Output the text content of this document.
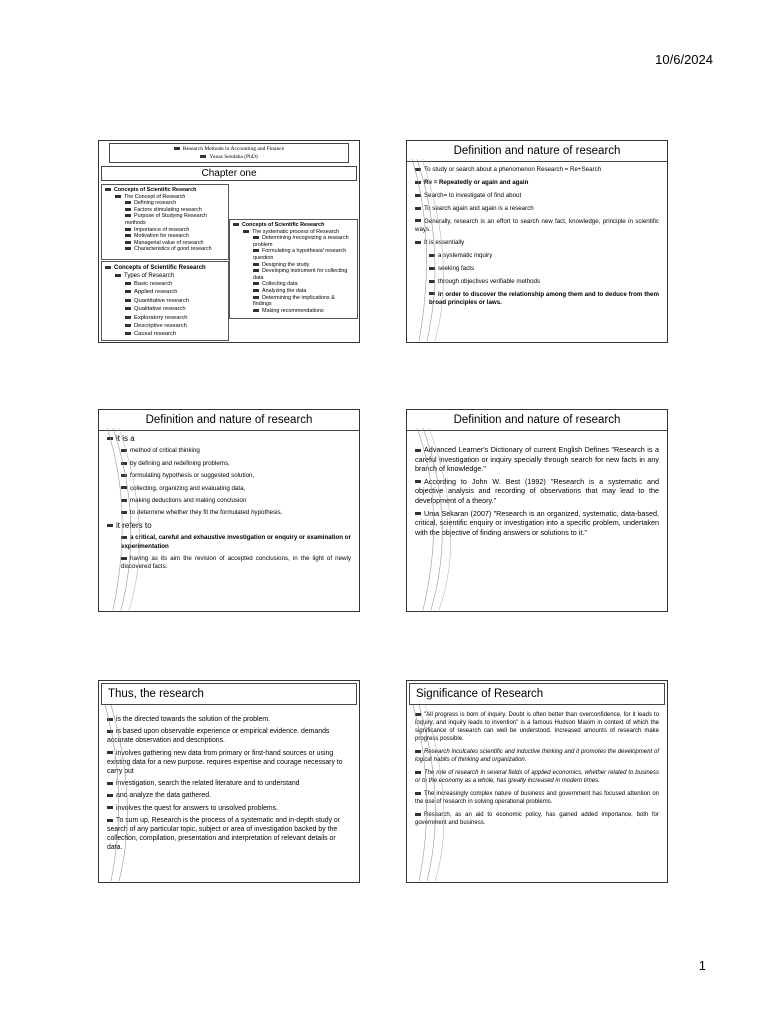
10/6/2024
Research Methods in Accounting and Finance
Yonas Sendaba (PhD)
Chapter one
Concepts of Scientific Research
The Concept of Research
Defining research
Factors stimulating research
Purpose of Studying Research methods
Importance of research
Motivation for research
Managerial value of research
Characteristics of good research
Concepts of Scientific Research
The systematic process of Research
Determining /recognizing a research problem
Formulating a hypothesis/ research question
Designing the study
Developing instrument for collecting data
Collecting data
Analyzing the data
Determining the implications & findings
Making recommendations
Concepts of Scientific Research
Types of Research
Basic research
Applied research
Quantitative research
Qualitative research
Exploratory research
Descriptive research
Causal research
Definition and nature of research
To study or search about a phenomenon Research = Re+Search
Re = Repeatedly or again and again
Search= to investigate of find about
To search again and again is a research
Generally, research is an effort to search new fact, knowledge, principle in scientific ways.
It is essentially
a systematic inquiry
seeking facts
through objectives verifiable methods
in order to discover the relationship among them and to deduce from them broad principles or laws.
Definition and nature of research
it is a
method of critical thinking
by defining and redefining problems,
formulating hypothesis or suggested solution,
collecting, organizing and evaluating data,
making deductions and making conclusion
to determine whether they fit the formulated hypothesis.
it refers to
a critical, careful and exhaustive investigation or enquiry or examination or experimentation
having as its aim the revision of accepted conclusions, in the light of newly discovered facts.
Definition and nature of research
Advanced Learner's Dictionary of current English Defines "Research is a careful investigation or inquiry specially through search for new facts in any branch of knowledge."
According to John W. Best (1992) "Research is a systematic and objective analysis and recording of observations that may lead to the development of a theory."
Uma Sekaran (2007) "Research is an organized, systematic, data-based, critical, scientific enquiry or investigation into a specific problem, undertaken with the objective of finding answers or solutions to it."
Thus, the research
is the directed towards the solution of the problem.
is based upon observable experience or empirical evidence. demands accurate observation and descriptions.
involves gathering new data from primary or first-hand sources or using existing data for a new purpose. requires expertise and courage necessary to carry out
investigation, search the related literature and to understand
and analyze the data gathered.
involves the quest for answers to unsolved problems.
To sum up, Research is the process of a systematic and in-depth study or search of any particular topic, subject or area of investigation backed by the collection, compilation, presentation and interpretation of relevant details or data.
Significance of Research
"All progress is born of inquiry. Doubt is often better than overconfidence, for it leads to inquiry, and inquiry leads to invention" is a famous Hudson Maxim in context of which the significance of research can well be understood. Increased amounts of research make progress possible.
Research inculcates scientific and inductive thinking and it promotes the development of logical habits of thinking and organization.
The role of research in several fields of applied economics, whether related to business or to the economy as a whole, has greatly increased in modern times.
The increasingly complex nature of business and government has focused attention on the use of research in solving operational problems.
Research, as an aid to economic policy, has gained added importance, both for government and business.
1
